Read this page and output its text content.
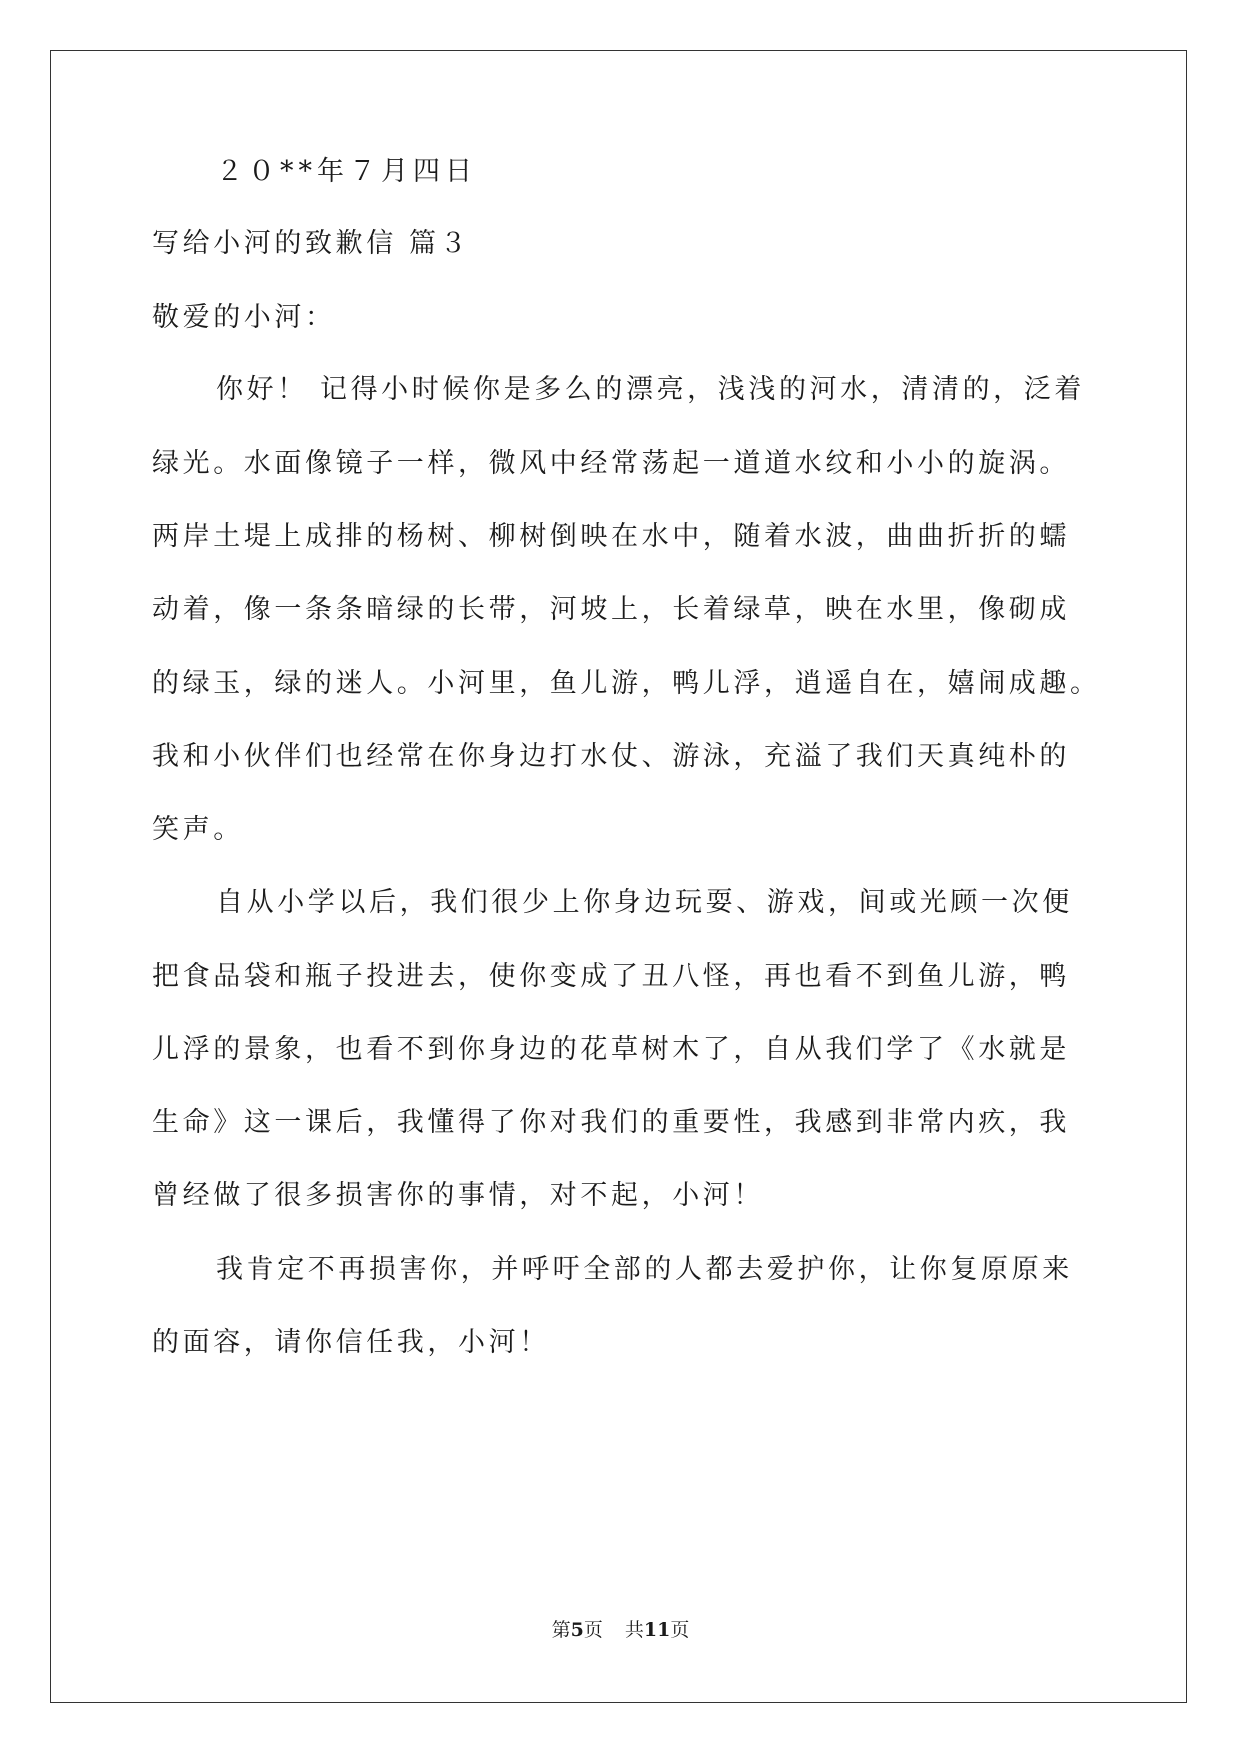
２０**年７月四日
写给小河的致歉信 篇３
敬爱的小河：
你好！ 记得小时候你是多么的漂亮，浅浅的河水，清清的，泛着
绿光。水面像镜子一样，微风中经常荡起一道道水纹和小小的旋涡。
两岸土堤上成排的杨树、柳树倒映在水中，随着水波，曲曲折折的蠕
动着，像一条条暗绿的长带，河坡上，长着绿草，映在水里，像砌成
的绿玉，绿的迷人。小河里，鱼儿游，鸭儿浮，逍遥自在，嬉闹成趣。
我和小伙伴们也经常在你身边打水仗、游泳，充溢了我们天真纯朴的
笑声。
自从小学以后，我们很少上你身边玩耍、游戏，间或光顾一次便
把食品袋和瓶子投进去，使你变成了丑八怪，再也看不到鱼儿游，鸭
儿浮的景象，也看不到你身边的花草树木了，自从我们学了《水就是
生命》这一课后，我懂得了你对我们的重要性，我感到非常内疚，我
曾经做了很多损害你的事情，对不起，小河！
我肯定不再损害你，并呼吁全部的人都去爱护你，让你复原原来
的面容，请你信任我，小河！
第5页 共11页
